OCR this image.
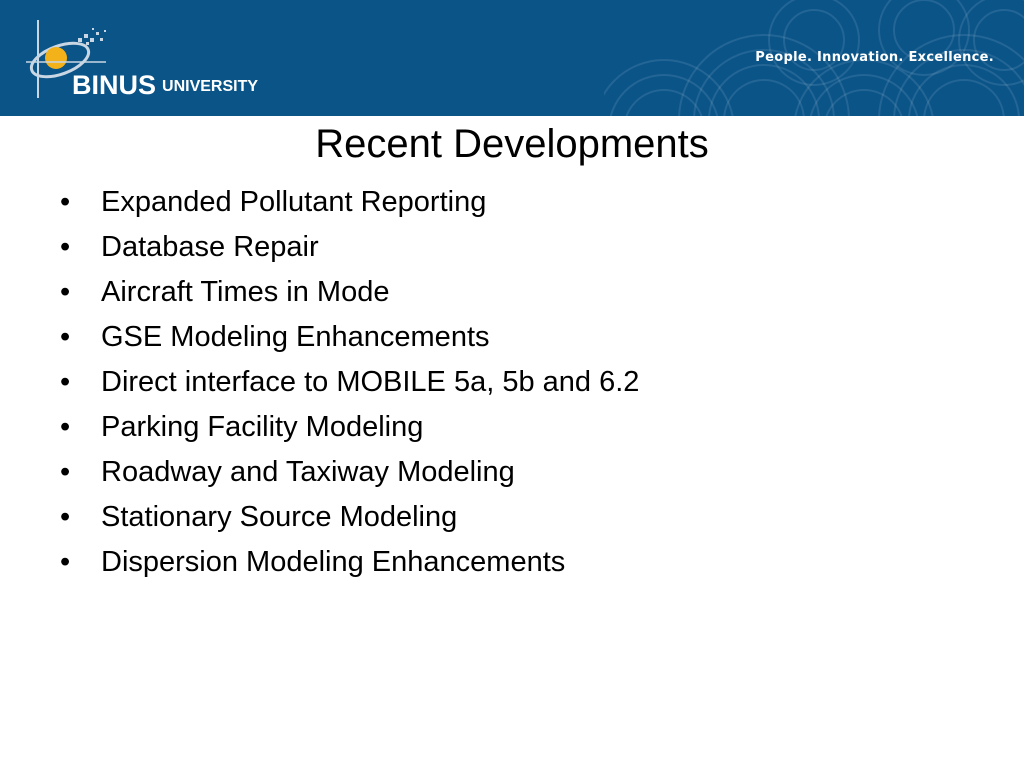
BINUS UNIVERSITY
People. Innovation. Excellence.
Recent Developments
•	Expanded Pollutant Reporting
•	Database Repair
•	Aircraft Times in Mode
•	GSE Modeling Enhancements
•	Direct interface to MOBILE 5a, 5b and 6.2
•	Parking Facility Modeling
•	Roadway and Taxiway Modeling
•	Stationary Source Modeling
•	Dispersion Modeling Enhancements
